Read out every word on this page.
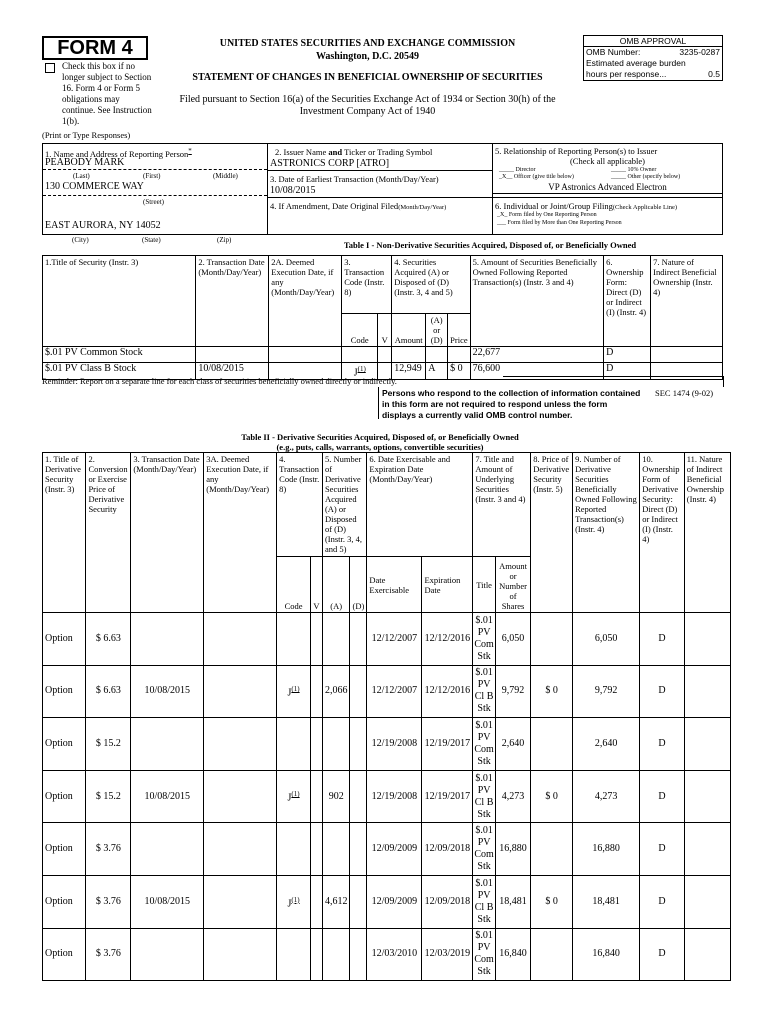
FORM 4
Check this box if no longer subject to Section 16. Form 4 or Form 5 obligations may continue. See Instruction 1(b).
UNITED STATES SECURITIES AND EXCHANGE COMMISSION
Washington, D.C. 20549
STATEMENT OF CHANGES IN BENEFICIAL OWNERSHIP OF SECURITIES
Filed pursuant to Section 16(a) of the Securities Exchange Act of 1934 or Section 30(h) of the Investment Company Act of 1940
OMB APPROVAL
OMB Number:	3235-0287
Estimated average burden
hours per response...	0.5
(Print or Type Responses)
1. Name and Address of Reporting Person*
PEABODY MARK
(Last)	(First)	(Middle)
130 COMMERCE WAY
(Street)
EAST AURORA, NY 14052
(City)	(State)	(Zip)
2. Issuer Name and Ticker or Trading Symbol
ASTRONICS CORP [ATRO]
3. Date of Earliest Transaction (Month/Day/Year)
10/08/2015
4. If Amendment, Date Original Filed(Month/Day/Year)
5. Relationship of Reporting Person(s) to Issuer
(Check all applicable)
_____ Director	_____ 10% Owner
_X__ Officer (give title below)	_____ Other (specify below)
VP Astronics Advanced Electron
6. Individual or Joint/Group Filing(Check Applicable Line)
_X_ Form filed by One Reporting Person
___ Form filed by More than One Reporting Person
Table I - Non-Derivative Securities Acquired, Disposed of, or Beneficially Owned
1.Title of Security (Instr. 3)	2. Transaction Date (Month/Day/Year)	2A. Deemed Execution Date, if any (Month/Day/Year)	3. Transaction Code (Instr. 8)		4. Securities Acquired (A) or Disposed of (D) (Instr. 3, 4 and 5)			5. Amount of Securities Beneficially Owned Following Reported Transaction(s) (Instr. 3 and 4)	6. Ownership Form: Direct (D) or Indirect (I) (Instr. 4)	7. Nature of Indirect Beneficial Ownership (Instr. 4)
			Code	V	Amount	(A) or (D)	Price			
$.01 PV Common Stock								22,677	D	
$.01 PV Class B Stock	10/08/2015		$J^{(1)}$		12,949	A	$ 0	76,600	D	
Reminder: Report on a separate line for each class of securities beneficially owned directly or indirectly.
Persons who respond to the collection of information contained in this form are not required to respond unless the form displays a currently valid OMB control number.
SEC 1474 (9-02)
Table II - Derivative Securities Acquired, Disposed of, or Beneficially Owned
(e.g., puts, calls, warrants, options, convertible securities)
1. Title of Derivative Security (Instr. 3)	2. Conversion or Exercise Price of Derivative Security	3. Transaction Date (Month/Day/Year)	3A. Deemed Execution Date, if any (Month/Day/Year)	4. Transaction Code (Instr. 8)		5. Number of Derivative Securities Acquired (A) or Disposed of (D) (Instr. 3, 4, and 5)		6. Date Exercisable and Expiration Date (Month/Day/Year)		7. Title and Amount of Underlying Securities (Instr. 3 and 4)		8. Price of Derivative Security (Instr. 5)	9. Number of Derivative Securities Beneficially Owned Following Reported Transaction(s) (Instr. 4)	10. Ownership Form of Derivative Security: Direct (D) or Indirect (I) (Instr. 4)	11. Nature of Indirect Beneficial Ownership (Instr. 4)
				Code	V	(A)	(D)	Date Exercisable	Expiration Date	Title	Amount or Number of Shares				
Option	$ 6.63							12/12/2007	12/12/2016	$.01 PV Com Stk	6,050		6,050	D	
Option	$ 6.63	10/08/2015		$J^{(1)}$		2,066		12/12/2007	12/12/2016	$.01 PV Cl B Stk	9,792	$ 0	9,792	D	
Option	$ 15.2							12/19/2008	12/19/2017	$.01 PV Com Stk	2,640		2,640	D	
Option	$ 15.2	10/08/2015		$J^{(1)}$		902		12/19/2008	12/19/2017	$.01 PV Cl B Stk	4,273	$ 0	4,273	D	
Option	$ 3.76							12/09/2009	12/09/2018	$.01 PV Com Stk	16,880		16,880	D	
Option	$ 3.76	10/08/2015		$J^{(1)}$		4,612		12/09/2009	12/09/2018	$.01 PV Cl B Stk	18,481	$ 0	18,481	D	
Option	$ 3.76							12/03/2010	12/03/2019	$.01 PV Com Stk	16,840		16,840	D	
